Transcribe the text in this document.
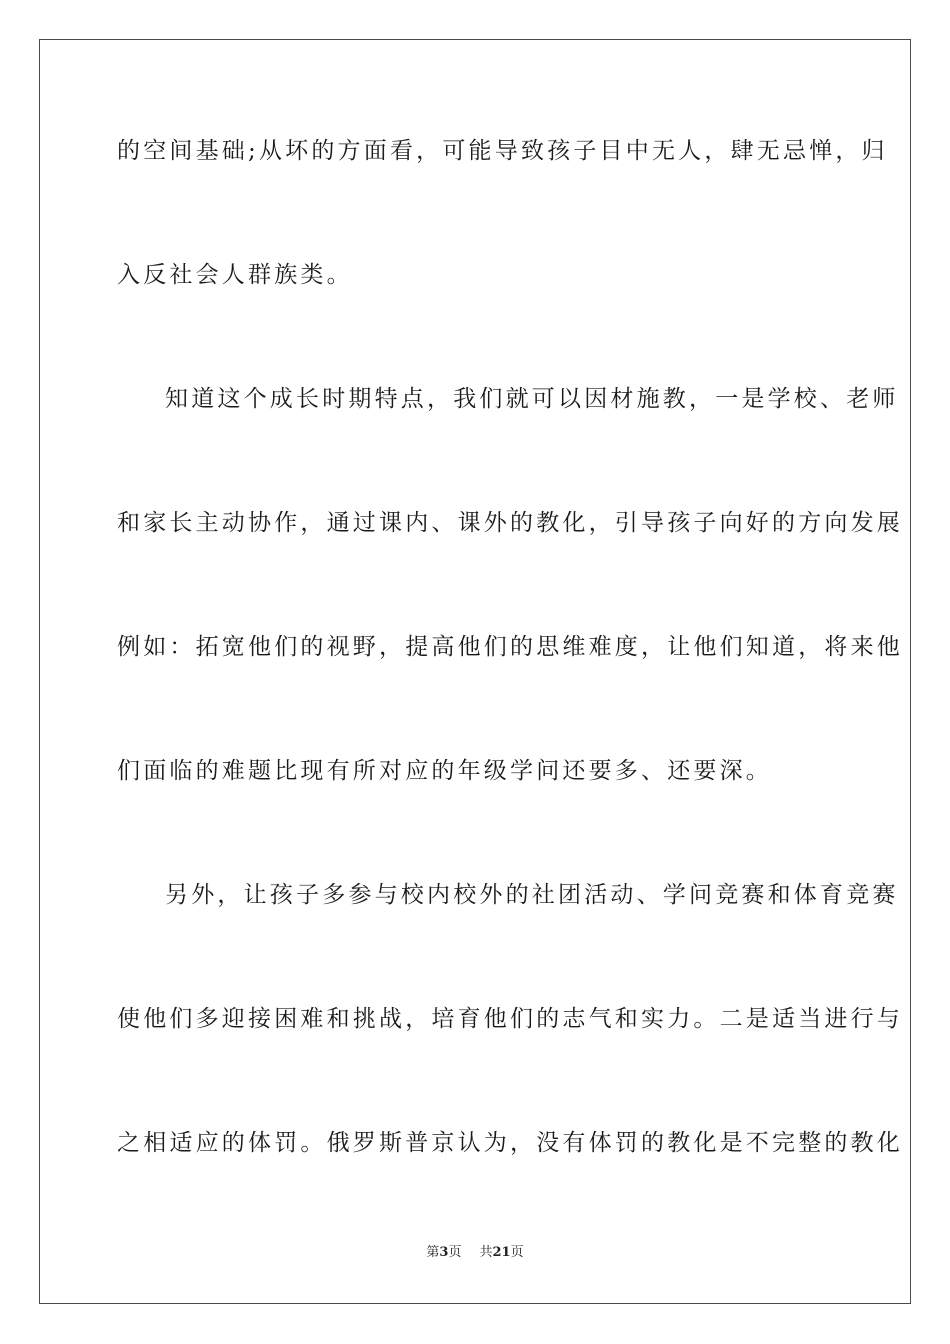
的空间基础;从坏的方面看，可能导致孩子目中无人，肆无忌惮，归
入反社会人群族类。
知道这个成长时期特点，我们就可以因材施教，一是学校、老师
和家长主动协作，通过课内、课外的教化，引导孩子向好的方向发展
例如：拓宽他们的视野，提高他们的思维难度，让他们知道，将来他
们面临的难题比现有所对应的年级学问还要多、还要深。
另外，让孩子多参与校内校外的社团活动、学问竞赛和体育竞赛
使他们多迎接困难和挑战，培育他们的志气和实力。二是适当进行与
之相适应的体罚。俄罗斯普京认为，没有体罚的教化是不完整的教化
第3页 共21页
